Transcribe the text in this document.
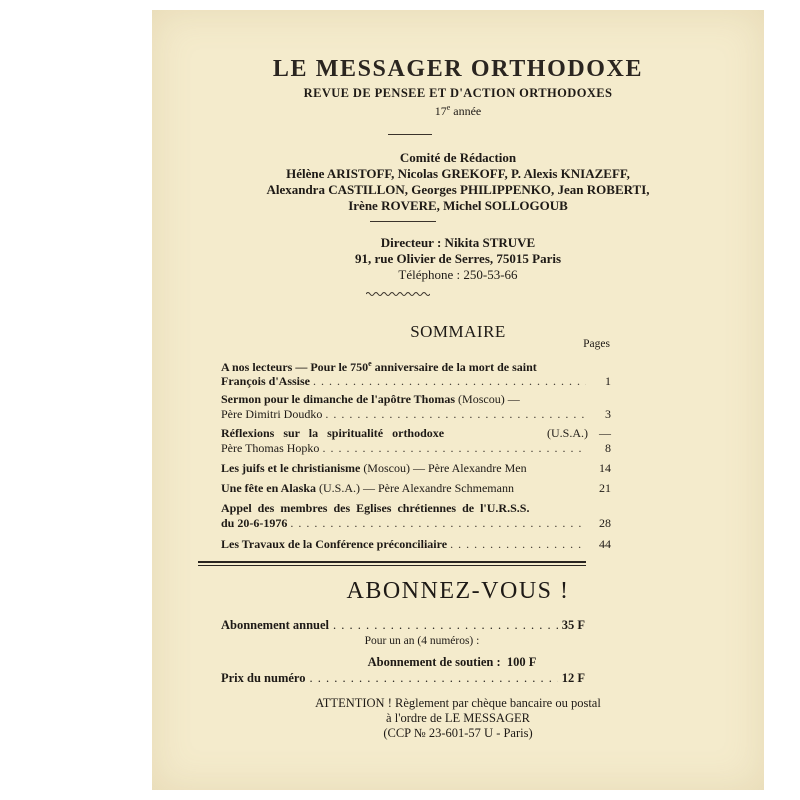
LE MESSAGER ORTHODOXE
REVUE DE PENSEE ET D'ACTION ORTHODOXES
17e année
Comité de Rédaction
Hélène ARISTOFF, Nicolas GREKOFF, P. Alexis KNIAZEFF,
Alexandra CASTILLON, Georges PHILIPPENKO, Jean ROBERTI,
Irène ROVERE, Michel SOLLOGOUB
Directeur : Nikita STRUVE
91, rue Olivier de Serres, 75015 Paris
Téléphone : 250-53-66
SOMMAIRE
Pages
A nos lecteurs — Pour le 750e anniversaire de la mort de saint
François d'Assise . . .	1
Sermon pour le dimanche de l'apôtre Thomas (Moscou) —
Père Dimitri Doudko . . .	3
Réflexions sur la spiritualité orthodoxe	(U.S.A.) —
Père Thomas Hopko . . .	8
Les juifs et le christianisme (Moscou) — Père Alexandre Men	14
Une fête en Alaska (U.S.A.) — Père Alexandre Schmemann	21
Appel des membres des Eglises chrétiennes de l'U.R.S.S.
du 20-6-1976 . . .	28
Les Travaux de la Conférence préconciliaire . . .	44
ABONNEZ-VOUS !
Abonnement annuel . . .	35 F
Pour un an (4 numéros) :
Abonnement de soutien : 100 F
Prix du numéro . . .	12 F
ATTENTION ! Règlement par chèque bancaire ou postal
à l'ordre de LE MESSAGER
(CCP № 23-601-57 U - Paris)
